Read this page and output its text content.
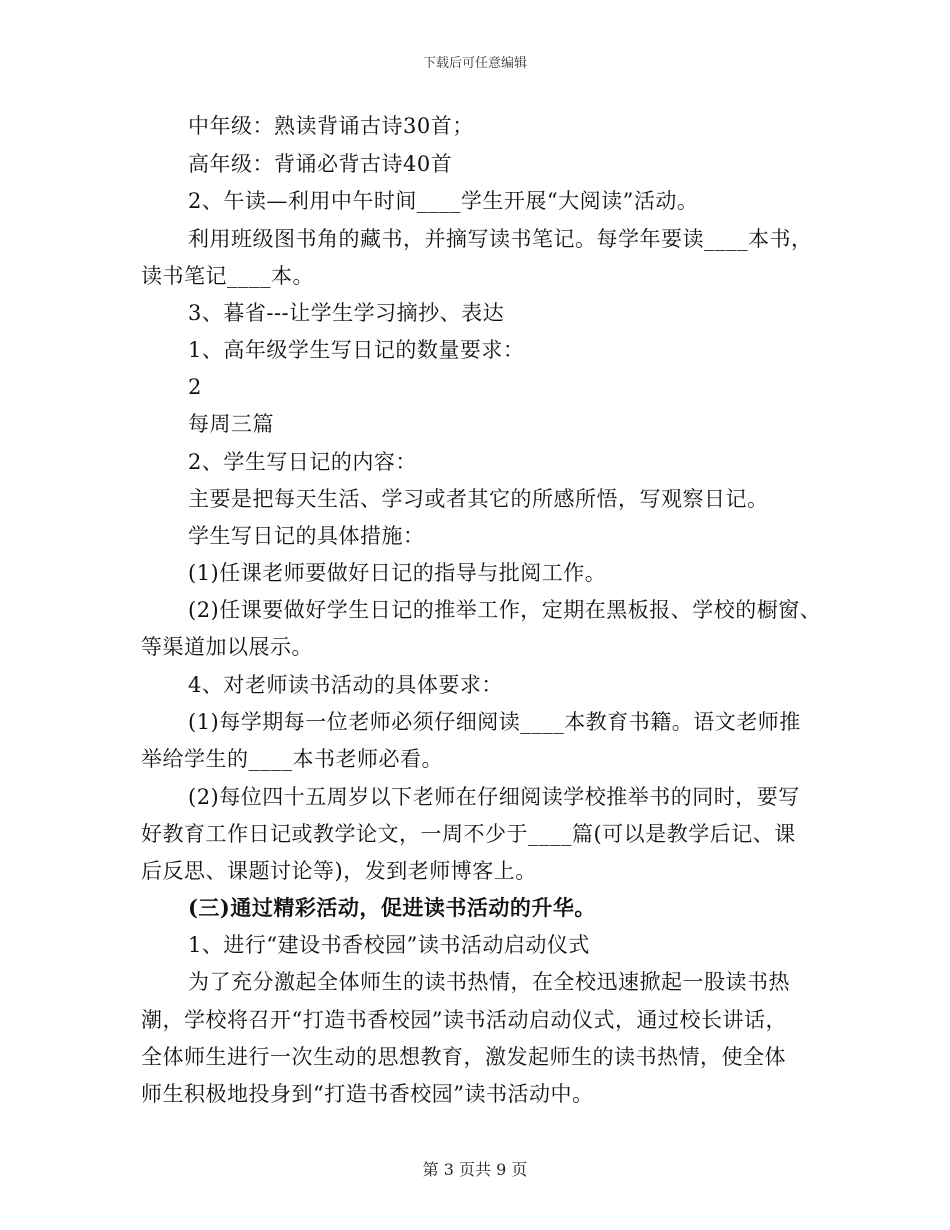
下载后可任意编辑
中年级：熟读背诵古诗30首；
高年级：背诵必背古诗40首
2、午读—利用中午时间____学生开展“大阅读”活动。
利用班级图书角的藏书，并摘写读书笔记。每学年要读____本书，
读书笔记____本。
3、暮省---让学生学习摘抄、表达
1、高年级学生写日记的数量要求：
2
每周三篇
2、学生写日记的内容：
主要是把每天生活、学习或者其它的所感所悟，写观察日记。
学生写日记的具体措施：
(1)任课老师要做好日记的指导与批阅工作。
(2)任课要做好学生日记的推举工作，定期在黑板报、学校的橱窗、
等渠道加以展示。
4、对老师读书活动的具体要求：
(1)每学期每一位老师必须仔细阅读____本教育书籍。语文老师推
举给学生的____本书老师必看。
(2)每位四十五周岁以下老师在仔细阅读学校推举书的同时，要写
好教育工作日记或教学论文，一周不少于____篇(可以是教学后记、课
后反思、课题讨论等)，发到老师博客上。
(三)通过精彩活动，促进读书活动的升华。
1、进行“建设书香校园”读书活动启动仪式
为了充分激起全体师生的读书热情，在全校迅速掀起一股读书热
潮，学校将召开“打造书香校园”读书活动启动仪式，通过校长讲话，
全体师生进行一次生动的思想教育，激发起师生的读书热情，使全体
师生积极地投身到“打造书香校园”读书活动中。
第 3 页共 9 页
